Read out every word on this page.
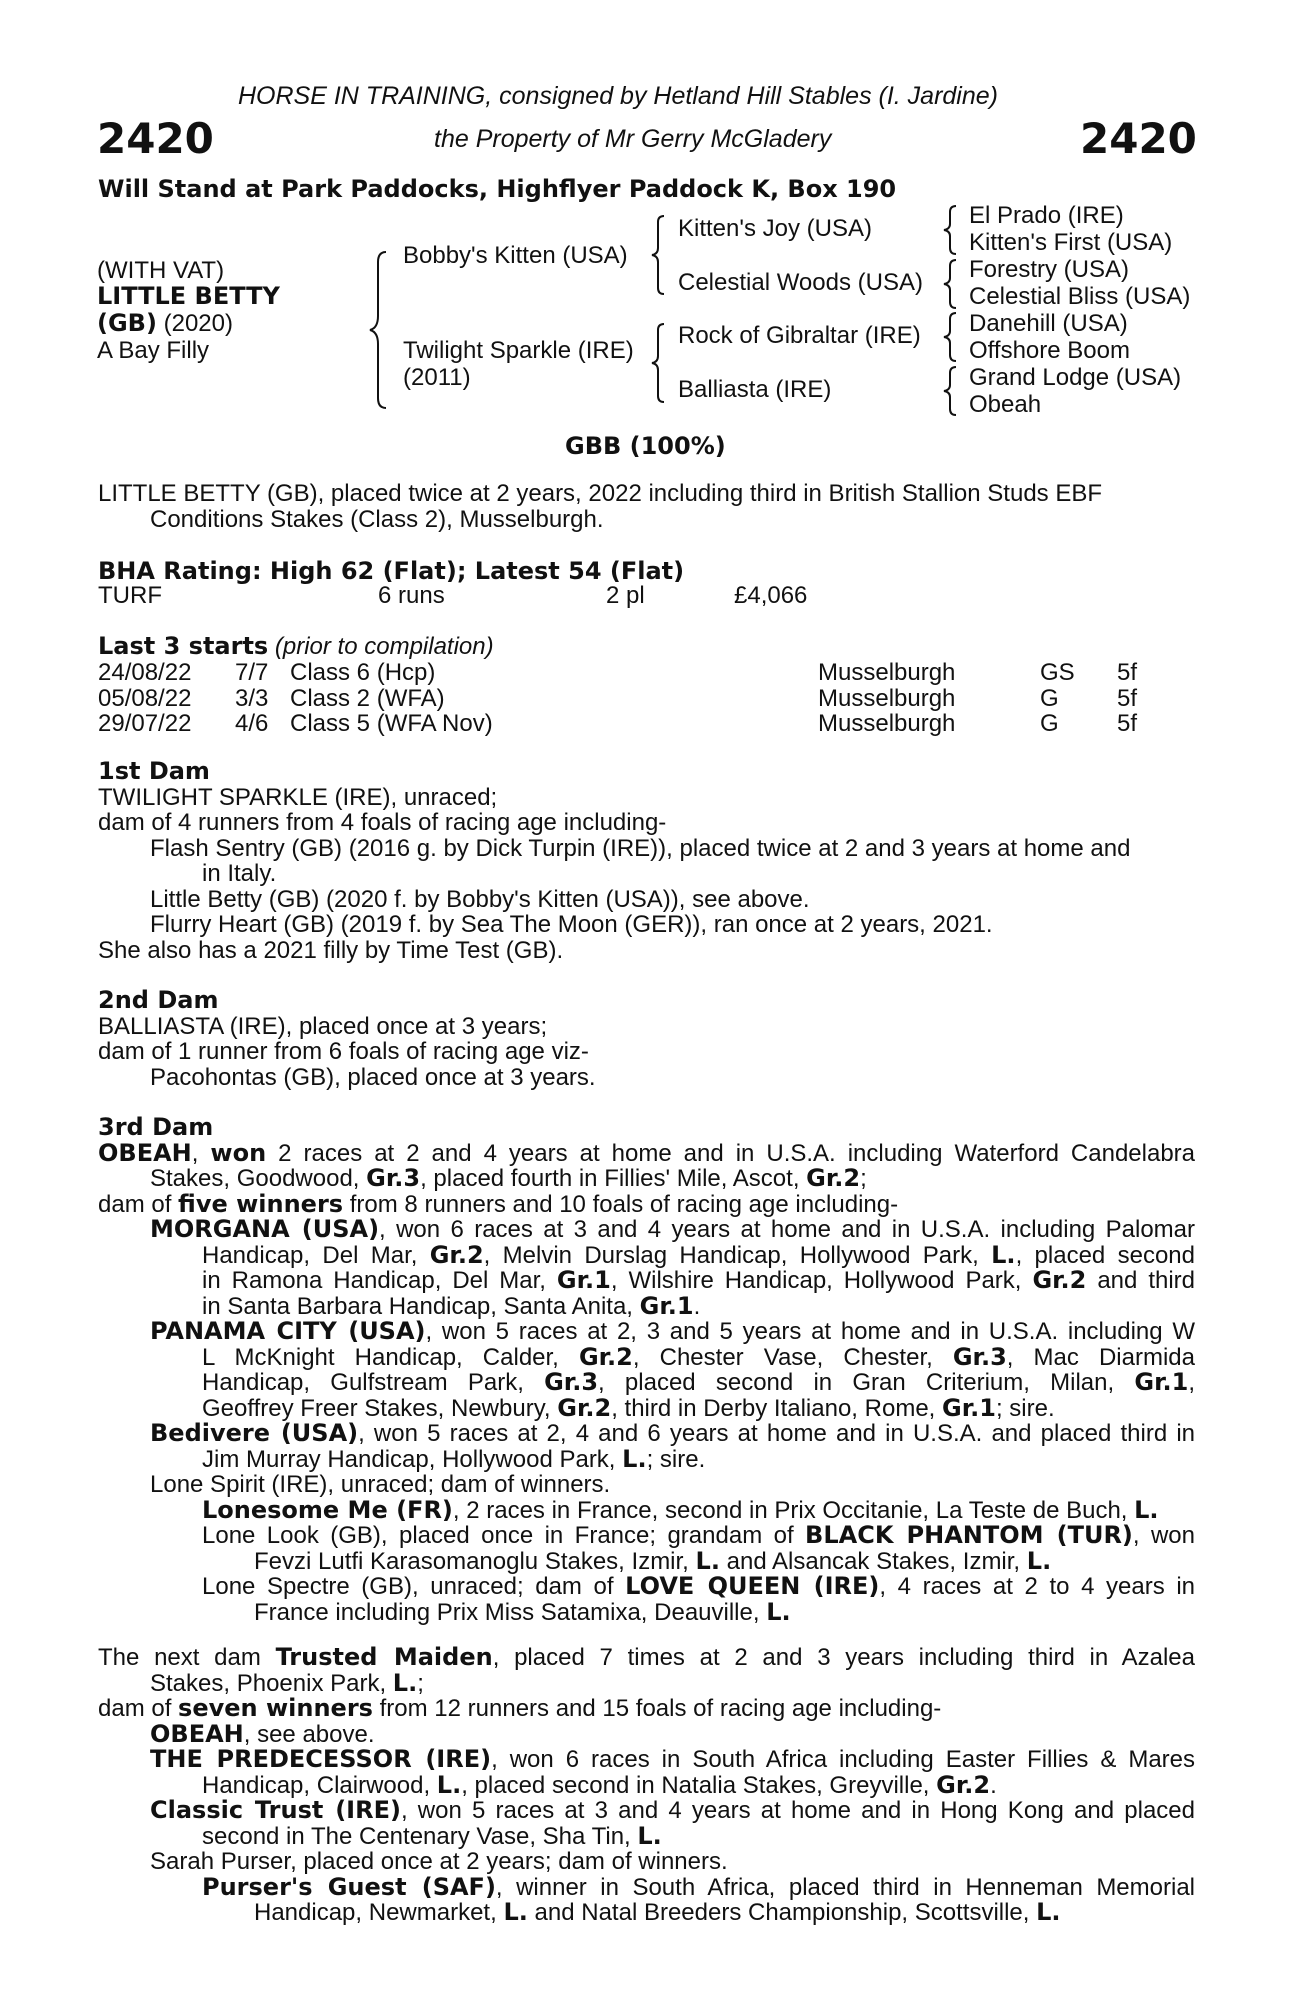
HORSE IN TRAINING, consigned by Hetland Hill Stables (I. Jardine)
2420	the Property of Mr Gerry McGladery	2420
Will Stand at Park Paddocks, Highflyer Paddock K, Box 190
(WITH VAT)
LITTLE BETTY
(GB) (2020)
A Bay Filly
Bobby's Kitten (USA)
Twilight Sparkle (IRE)
(2011)
Kitten's Joy (USA)
Celestial Woods (USA)
Rock of Gibraltar (IRE)
Balliasta (IRE)
El Prado (IRE)
Kitten's First (USA)
Forestry (USA)
Celestial Bliss (USA)
Danehill (USA)
Offshore Boom
Grand Lodge (USA)
Obeah
GBB (100%)
LITTLE BETTY (GB), placed twice at 2 years, 2022 including third in British Stallion Studs EBF
Conditions Stakes (Class 2), Musselburgh.
BHA Rating: High 62 (Flat); Latest 54 (Flat)
TURF	6 runs	2 pl	£4,066
Last 3 starts (prior to compilation)
24/08/22 7/7 Class 6 (Hcp)	Musselburgh	GS 5f
05/08/22 3/3 Class 2 (WFA)	Musselburgh	G 5f
29/07/22 4/6 Class 5 (WFA Nov)	Musselburgh	G 5f
1st Dam
TWILIGHT SPARKLE (IRE), unraced;
dam of 4 runners from 4 foals of racing age including-
Flash Sentry (GB) (2016 g. by Dick Turpin (IRE)), placed twice at 2 and 3 years at home and
in Italy.
Little Betty (GB) (2020 f. by Bobby's Kitten (USA)), see above.
Flurry Heart (GB) (2019 f. by Sea The Moon (GER)), ran once at 2 years, 2021.
She also has a 2021 filly by Time Test (GB).
2nd Dam
BALLIASTA (IRE), placed once at 3 years;
dam of 1 runner from 6 foals of racing age viz-
Pacohontas (GB), placed once at 3 years.
3rd Dam
OBEAH, won 2 races at 2 and 4 years at home and in U.S.A. including Waterford Candelabra
Stakes, Goodwood, Gr.3, placed fourth in Fillies' Mile, Ascot, Gr.2;
dam of five winners from 8 runners and 10 foals of racing age including-
MORGANA (USA), won 6 races at 3 and 4 years at home and in U.S.A. including Palomar
Handicap, Del Mar, Gr.2, Melvin Durslag Handicap, Hollywood Park, L., placed second
in Ramona Handicap, Del Mar, Gr.1, Wilshire Handicap, Hollywood Park, Gr.2 and third
in Santa Barbara Handicap, Santa Anita, Gr.1.
PANAMA CITY (USA), won 5 races at 2, 3 and 5 years at home and in U.S.A. including W
L McKnight Handicap, Calder, Gr.2, Chester Vase, Chester, Gr.3, Mac Diarmida
Handicap, Gulfstream Park, Gr.3, placed second in Gran Criterium, Milan, Gr.1,
Geoffrey Freer Stakes, Newbury, Gr.2, third in Derby Italiano, Rome, Gr.1; sire.
Bedivere (USA), won 5 races at 2, 4 and 6 years at home and in U.S.A. and placed third in
Jim Murray Handicap, Hollywood Park, L.; sire.
Lone Spirit (IRE), unraced; dam of winners.
Lonesome Me (FR), 2 races in France, second in Prix Occitanie, La Teste de Buch, L.
Lone Look (GB), placed once in France; grandam of BLACK PHANTOM (TUR), won
Fevzi Lutfi Karasomanoglu Stakes, Izmir, L. and Alsancak Stakes, Izmir, L.
Lone Spectre (GB), unraced; dam of LOVE QUEEN (IRE), 4 races at 2 to 4 years in
France including Prix Miss Satamixa, Deauville, L.
The next dam Trusted Maiden, placed 7 times at 2 and 3 years including third in Azalea
Stakes, Phoenix Park, L.;
dam of seven winners from 12 runners and 15 foals of racing age including-
OBEAH, see above.
THE PREDECESSOR (IRE), won 6 races in South Africa including Easter Fillies & Mares
Handicap, Clairwood, L., placed second in Natalia Stakes, Greyville, Gr.2.
Classic Trust (IRE), won 5 races at 3 and 4 years at home and in Hong Kong and placed
second in The Centenary Vase, Sha Tin, L.
Sarah Purser, placed once at 2 years; dam of winners.
Purser's Guest (SAF), winner in South Africa, placed third in Henneman Memorial
Handicap, Newmarket, L. and Natal Breeders Championship, Scottsville, L.
